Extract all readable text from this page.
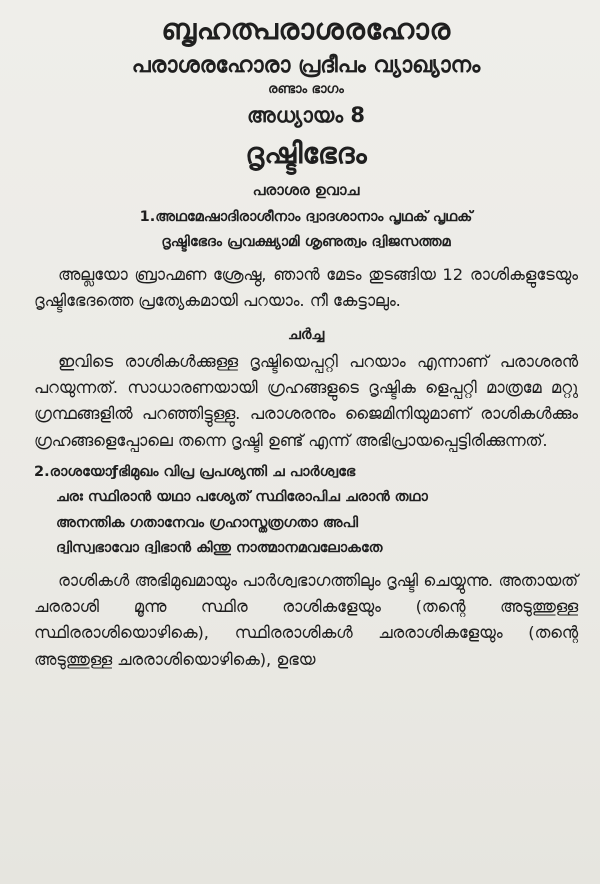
ബൃഹത്പരാശരഹോര
പരാശരഹോരാ പ്രദീപം വ്യാഖ്യാനം
രണ്ടാം ഭാഗം
അധ്യായം 8
ദൃഷ്ടിഭേദം
പരാശര ഉവാച
1.അഥമേഷാദിരാശീനാം ദ്വാദശാനാം പൃഥക് പൃഥക്
ദൃഷ്ടിഭേദം പ്രവക്ഷ്യാമി ശൃണുത്വം ദ്വിജസത്തമ

അല്ലയോ ബ്രാഹ്മണ ശ്രേഷ്ഠ, ഞാൻ മേടം തുടങ്ങിയ 12 രാശികളുടേയും ദൃഷ്ടിഭേദത്തെ പ്രത്യേകമായി പറയാം. നീ കേട്ടാലും.

ചർച്ച

ഇവിടെ രാശികൾക്കുള്ള ദൃഷ്ടിയെപ്പറ്റി പറയാം എന്നാണ് പരാശരൻ പറയുന്നത്. സാധാരണയായി ഗ്രഹങ്ങളുടെ ദൃഷ്ടിക ളെപ്പറ്റി മാത്രമേ മറ്റു ഗ്രന്ഥങ്ങളിൽ പറഞ്ഞിട്ടുള്ളു. പരാശരനും ജൈമിനിയുമാണ് രാശികൾക്കും ഗ്രഹങ്ങളെപ്പോലെ തന്നെ ദൃഷ്ടി ഉണ്ട് എന്ന് അഭിപ്രായപ്പെട്ടിരിക്കുന്നത്.

2.രാശയോƒഭിമുഖം വിപ്ര പ്രപശ്യന്തി ച പാർശ്വഭേ
ചരഃ സ്ഥിരാൻ യഥാ പശ്യേത് സ്ഥിരോപിച ചരാൻ തഥാ
അനന്തിക ഗതാനേവം ഗ്രഹാസ്തത്രഗതാ അപി
ദ്വിസ്വഭാവോ ദ്വിഭാൻ കിന്തു നാത്മാനമവലോകതേ

രാശികൾ അഭിമുഖമായും പാർശ്വഭാഗത്തിലും ദൃഷ്ടി ചെയ്യുന്നു. അതായത് ചരരാശി മൂന്നു സ്ഥിര രാശികളേയും (തന്റെ അടുത്തുള്ള സ്ഥിരരാശിയൊഴികെ), സ്ഥിരരാശികൾ ചരരാശികളേയും (തന്റെ അടുത്തുള്ള ചരരാശിയൊഴികെ), ഉഭയ
